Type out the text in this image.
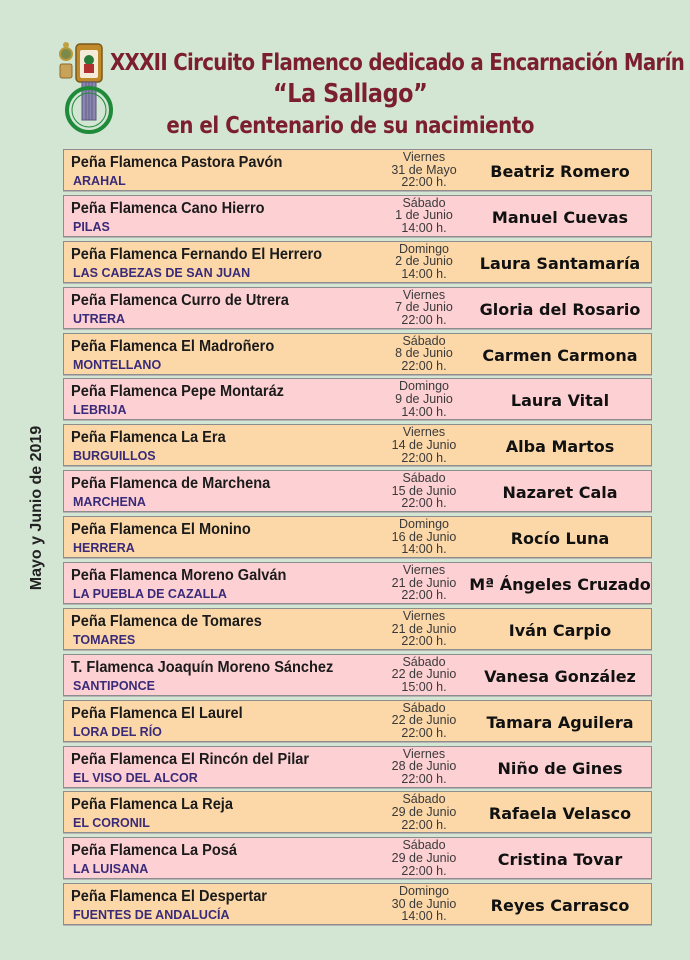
XXXII Circuito Flamenco dedicado a Encarnación Marín
“La Sallago”
en el Centenario de su nacimiento
Mayo y Junio de 2019
Peña Flamenca Pastora Pavón
ARAHAL
Viernes
31 de Mayo
22:00 h.
Beatriz Romero
Peña Flamenca Cano Hierro
PILAS
Sábado
1 de Junio
14:00 h.
Manuel Cuevas
Peña Flamenca Fernando El Herrero
LAS CABEZAS DE SAN JUAN
Domingo
2 de Junio
14:00 h.
Laura Santamaría
Peña Flamenca Curro de Utrera
UTRERA
Viernes
7 de Junio
22:00 h.
Gloria del Rosario
Peña Flamenca El Madroñero
MONTELLANO
Sábado
8 de Junio
22:00 h.
Carmen Carmona
Peña Flamenca Pepe Montaráz
LEBRIJA
Domingo
9 de Junio
14:00 h.
Laura Vital
Peña Flamenca La Era
BURGUILLOS
Viernes
14 de Junio
22:00 h.
Alba Martos
Peña Flamenca de Marchena
MARCHENA
Sábado
15 de Junio
22:00 h.
Nazaret Cala
Peña Flamenca El Monino
HERRERA
Domingo
16 de Junio
14:00 h.
Rocío Luna
Peña Flamenca Moreno Galván
LA PUEBLA DE CAZALLA
Viernes
21 de Junio
22:00 h.
Mª Ángeles Cruzado
Peña Flamenca de Tomares
TOMARES
Viernes
21 de Junio
22:00 h.
Iván Carpio
T. Flamenca Joaquín Moreno Sánchez
SANTIPONCE
Sábado
22 de Junio
15:00 h.
Vanesa González
Peña Flamenca El Laurel
LORA DEL RÍO
Sábado
22 de Junio
22:00 h.
Tamara Aguilera
Peña Flamenca El Rincón del Pilar
EL VISO DEL ALCOR
Viernes
28 de Junio
22:00 h.
Niño de Gines
Peña Flamenca La Reja
EL CORONIL
Sábado
29 de Junio
22:00 h.
Rafaela Velasco
Peña Flamenca La Posá
LA LUISANA
Sábado
29 de Junio
22:00 h.
Cristina Tovar
Peña Flamenca El Despertar
FUENTES DE ANDALUCÍA
Domingo
30 de Junio
14:00 h.
Reyes Carrasco
